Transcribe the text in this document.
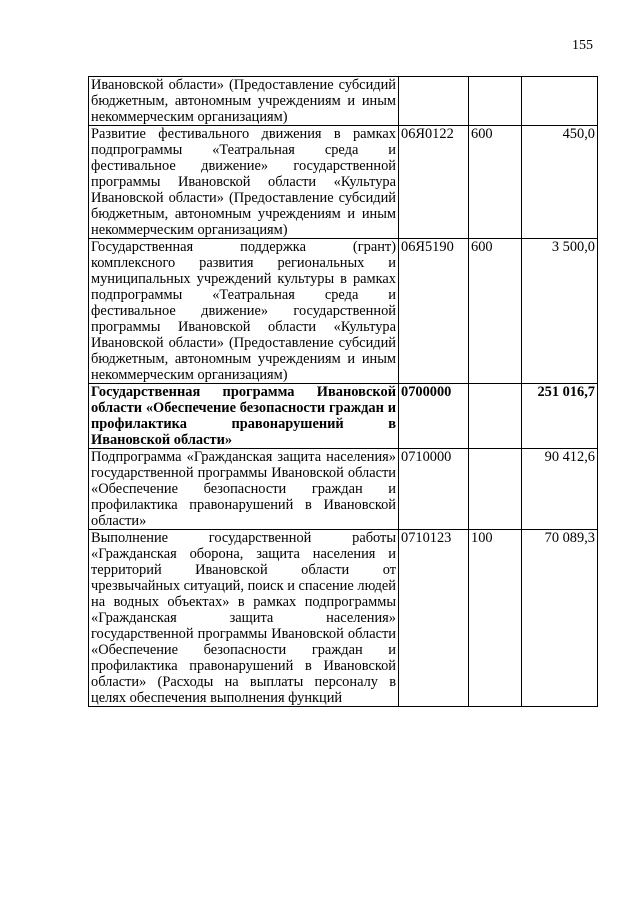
155
Ивановской области» (Предоставление субсидий бюджетным, автономным учреждениям и иным некоммерческим организациям)			
Развитие фестивального движения в рамках подпрограммы «Театральная среда и фестивальное движение» государственной программы Ивановской области «Культура Ивановской области» (Предоставление субсидий бюджетным, автономным учреждениям и иным некоммерческим организациям)	06Я0122	600	450,0
Государственная поддержка (грант) комплексного развития региональных и муниципальных учреждений культуры в рамках подпрограммы «Театральная среда и фестивальное движение» государственной программы Ивановской области «Культура Ивановской области» (Предоставление субсидий бюджетным, автономным учреждениям и иным некоммерческим организациям)	06Я5190	600	3 500,0
Государственная программа Ивановской области «Обеспечение безопасности граждан и профилактика правонарушений в Ивановской области»	0700000		251 016,7
Подпрограмма «Гражданская защита населения» государственной программы Ивановской области «Обеспечение безопасности граждан и профилактика правонарушений в Ивановской области»	0710000		90 412,6
Выполнение государственной работы «Гражданская оборона, защита населения и территорий Ивановской области от чрезвычайных ситуаций, поиск и спасение людей на водных объектах» в рамках подпрограммы «Гражданская защита населения» государственной программы Ивановской области «Обеспечение безопасности граждан и профилактика правонарушений в Ивановской области» (Расходы на выплаты персоналу в целях обеспечения выполнения функций	0710123	100	70 089,3
